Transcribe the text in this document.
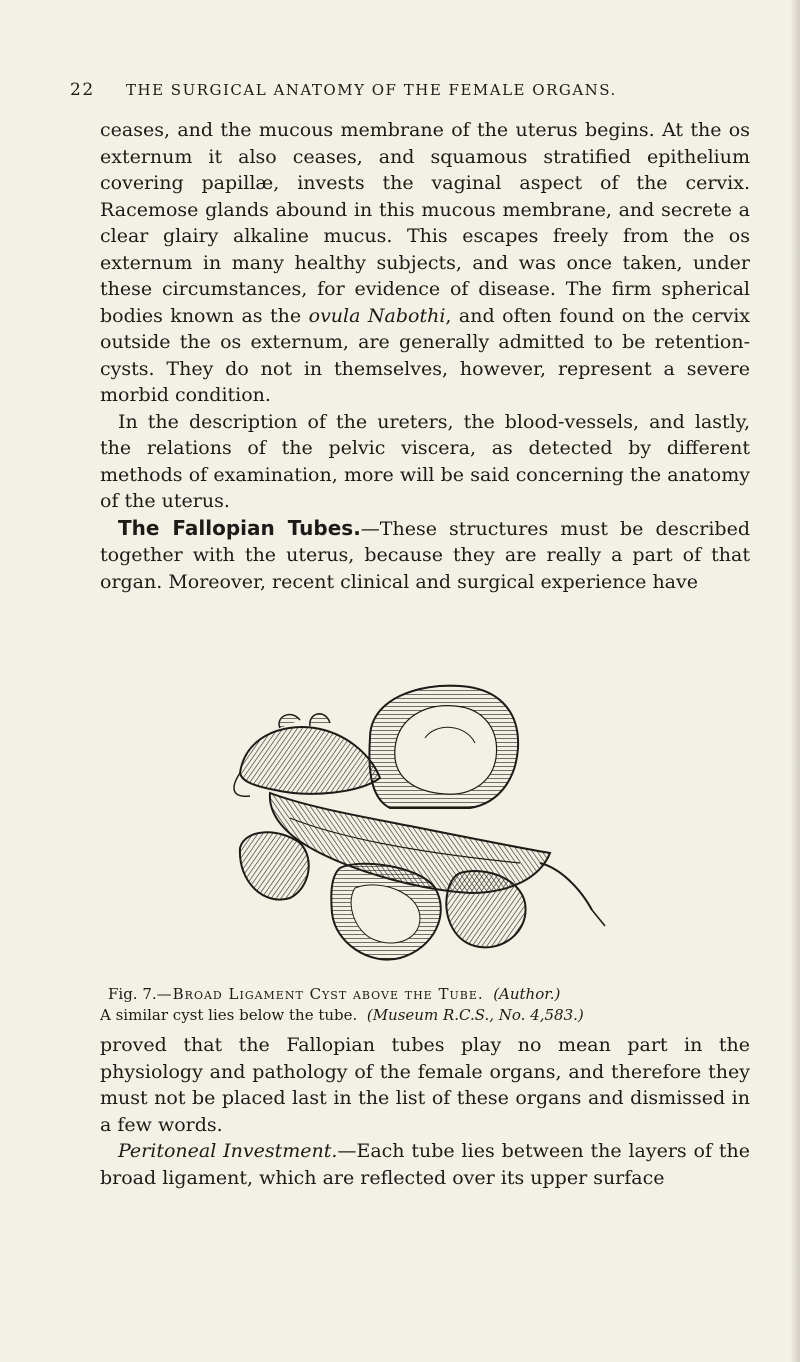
22 THE SURGICAL ANATOMY OF THE FEMALE ORGANS.

ceases, and the mucous membrane of the uterus begins. At the os externum it also ceases, and squamous stratified epithelium covering papillæ, invests the vaginal aspect of the cervix. Racemose glands abound in this mucous membrane, and secrete a clear glairy alkaline mucus. This escapes freely from the os externum in many healthy subjects, and was once taken, under these circumstances, for evidence of disease. The firm spherical bodies known as the ovula Nabothi, and often found on the cervix outside the os externum, are generally admitted to be retention-cysts. They do not in themselves, however, represent a severe morbid condition.

In the description of the ureters, the blood-vessels, and lastly, the relations of the pelvic viscera, as detected by different methods of examination, more will be said concerning the anatomy of the uterus.

The Fallopian Tubes.—These structures must be described together with the uterus, because they are really a part of that organ. Moreover, recent clinical and surgical experience have

Fig. 7.—Broad Ligament Cyst above the Tube. (Author.)
A similar cyst lies below the tube. (Museum R.C.S., No. 4,583.)

proved that the Fallopian tubes play no mean part in the physiology and pathology of the female organs, and therefore they must not be placed last in the list of these organs and dismissed in a few words.

Peritoneal Investment.—Each tube lies between the layers of the broad ligament, which are reflected over its upper surface
